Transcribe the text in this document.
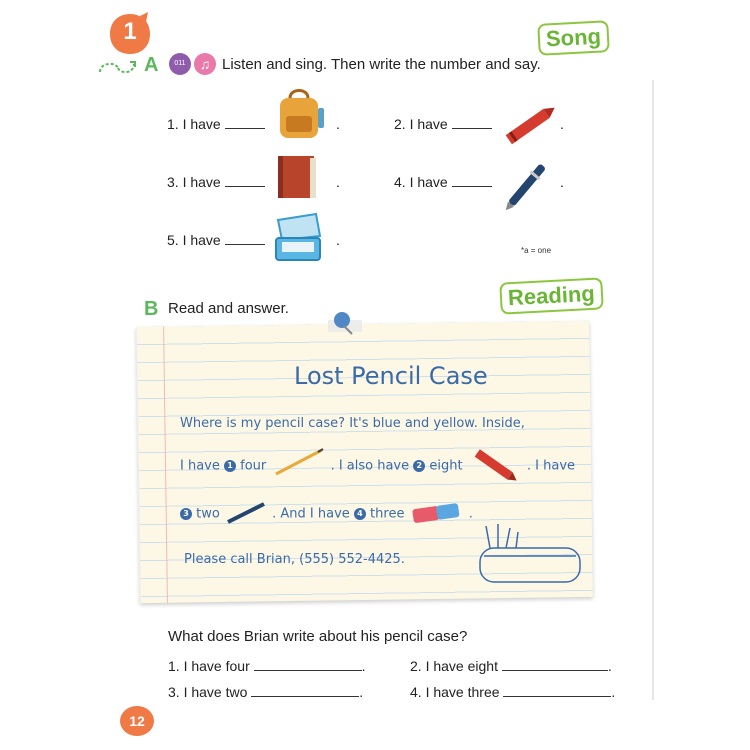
1	Song
A	011	♫ Listen and sing. Then write the number and say.
1. I have	.	2. I have	.
3. I have	.	4. I have	.
5. I have	.
*a = one
B Read and answer.	Reading
Lost Pencil Case
Where is my pencil case? It's blue and yellow. Inside,
I have 1 four	. I also have 2 eight	. I have
3 two	. And I have 4 three	.
Please call Brian, (555) 552-4425.
What does Brian write about his pencil case?
1. I have four	.	2. I have eight	.
3. I have two	.	4. I have three	.
12
